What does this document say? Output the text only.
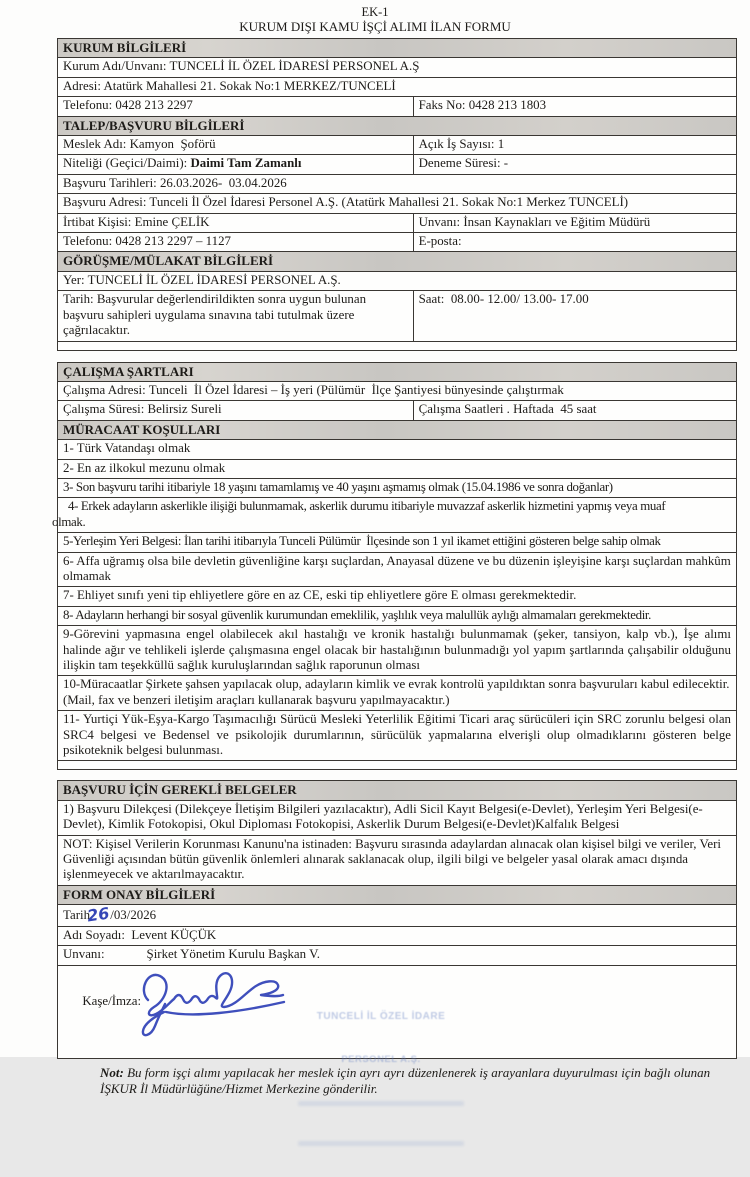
EK-1
KURUM DIŞI KAMU İŞÇİ ALIMI İLAN FORMU
KURUM BİLGİLERİ
Kurum Adı/Unvanı: TUNCELİ İL ÖZEL İDARESİ PERSONEL A.Ş
Adresi: Atatürk Mahallesi 21. Sokak No:1 MERKEZ/TUNCELİ
Telefonu: 0428 213 2297	Faks No: 0428 213 1803
TALEP/BAŞVURU BİLGİLERİ
Meslek Adı: Kamyon  Şoförü	Açık İş Sayısı: 1
Niteliği (Geçici/Daimi): Daimi Tam Zamanlı	Deneme Süresi: -
Başvuru Tarihleri: 26.03.2026-  03.04.2026
Başvuru Adresi: Tunceli İl Özel İdaresi Personel A.Ş. (Atatürk Mahallesi 21. Sokak No:1 Merkez TUNCELİ)
İrtibat Kişisi: Emine ÇELİK	Unvanı: İnsan Kaynakları ve Eğitim Müdürü
Telefonu: 0428 213 2297 – 1127	E-posta:
GÖRÜŞME/MÜLAKAT BİLGİLERİ
Yer: TUNCELİ İL ÖZEL İDARESİ PERSONEL A.Ş.
Tarih: Başvurular değerlendirildikten sonra uygun bulunan başvuru sahipleri uygulama sınavına tabi tutulmak üzere çağrılacaktır.
Saat:  08.00- 12.00/ 13.00- 17.00
ÇALIŞMA ŞARTLARI
Çalışma Adresi: Tunceli  İl Özel İdaresi – İş yeri (Pülümür  İlçe Şantiyesi bünyesinde çalıştırmak
Çalışma Süresi: Belirsiz Sureli	Çalışma Saatleri . Haftada  45 saat
MÜRACAAT KOŞULLARI
1- Türk Vatandaşı olmak
2- En az ilkokul mezunu olmak
3- Son başvuru tarihi itibariyle 18 yaşını tamamlamış ve 40 yaşını aşmamış olmak (15.04.1986 ve sonra doğanlar)
4- Erkek adayların askerlikle ilişiği bulunmamak, askerlik durumu itibariyle muvazzaf askerlik hizmetini yapmış veya muaf
olmak.
5-Yerleşim Yeri Belgesi: İlan tarihi itibarıyla Tunceli Pülümür  İlçesinde son 1 yıl ikamet ettiğini gösteren belge sahip olmak
6- Affa uğramış olsa bile devletin güvenliğine karşı suçlardan, Anayasal düzene ve bu düzenin işleyişine karşı suçlardan mahkûm olmamak
7- Ehliyet sınıfı yeni tip ehliyetlere göre en az CE, eski tip ehliyetlere göre E olması gerekmektedir.
8- Adayların herhangi bir sosyal güvenlik kurumundan emeklilik, yaşlılık veya malullük aylığı almamaları gerekmektedir.
9-Görevini yapmasına engel olabilecek akıl hastalığı ve kronik hastalığı bulunmamak (şeker, tansiyon, kalp vb.), İşe alımı halinde ağır ve tehlikeli işlerde çalışmasına engel olacak bir hastalığının bulunmadığı yol yapım şartlarında çalışabilir olduğunu ilişkin tam teşekküllü sağlık kuruluşlarından sağlık raporunun olması
10-Müracaatlar Şirkete şahsen yapılacak olup, adayların kimlik ve evrak kontrolü yapıldıktan sonra başvuruları kabul edilecektir.(Mail, fax ve benzeri iletişim araçları kullanarak başvuru yapılmayacaktır.)
11- Yurtiçi Yük-Eşya-Kargo Taşımacılığı Sürücü Mesleki Yeterlilik Eğitimi Ticari araç sürücüleri için SRC zorunlu belgesi olan SRC4 belgesi ve Bedensel ve psikolojik durumlarının, sürücülük yapmalarına elverişli olup olmadıklarını gösteren belge psikoteknik belgesi bulunması.
BAŞVURU İÇİN GEREKLİ BELGELER
1) Başvuru Dilekçesi (Dilekçeye İletişim Bilgileri yazılacaktır), Adli Sicil Kayıt Belgesi(e-Devlet), Yerleşim Yeri Belgesi(e-Devlet), Kimlik Fotokopisi, Okul Diploması Fotokopisi, Askerlik Durum Belgesi(e-Devlet)Kalfalık Belgesi
NOT: Kişisel Verilerin Korunması Kanunu'na istinaden: Başvuru sırasında adaylardan alınacak olan kişisel bilgi ve veriler, Veri Güvenliği açısından bütün güvenlik önlemleri alınarak saklanacak olup, ilgili bilgi ve belgeler yasal olarak amacı dışında işlenmeyecek ve aktarılmayacaktır.
FORM ONAY BİLGİLERİ
Tarih26/03/2026
Adı Soyadı:  Levent KÜÇÜK
Unvanı:	Şirket Yönetim Kurulu Başkan V.

Kaşe/İmza:

TUNCELİ İL ÖZEL İDARE

PERSONEL A.Ş.

Not: Bu form işçi alımı yapılacak her meslek için ayrı ayrı düzenlenerek iş arayanlara duyurulması için bağlı olunan İŞKUR İl Müdürlüğüne/Hizmet Merkezine gönderilir.
